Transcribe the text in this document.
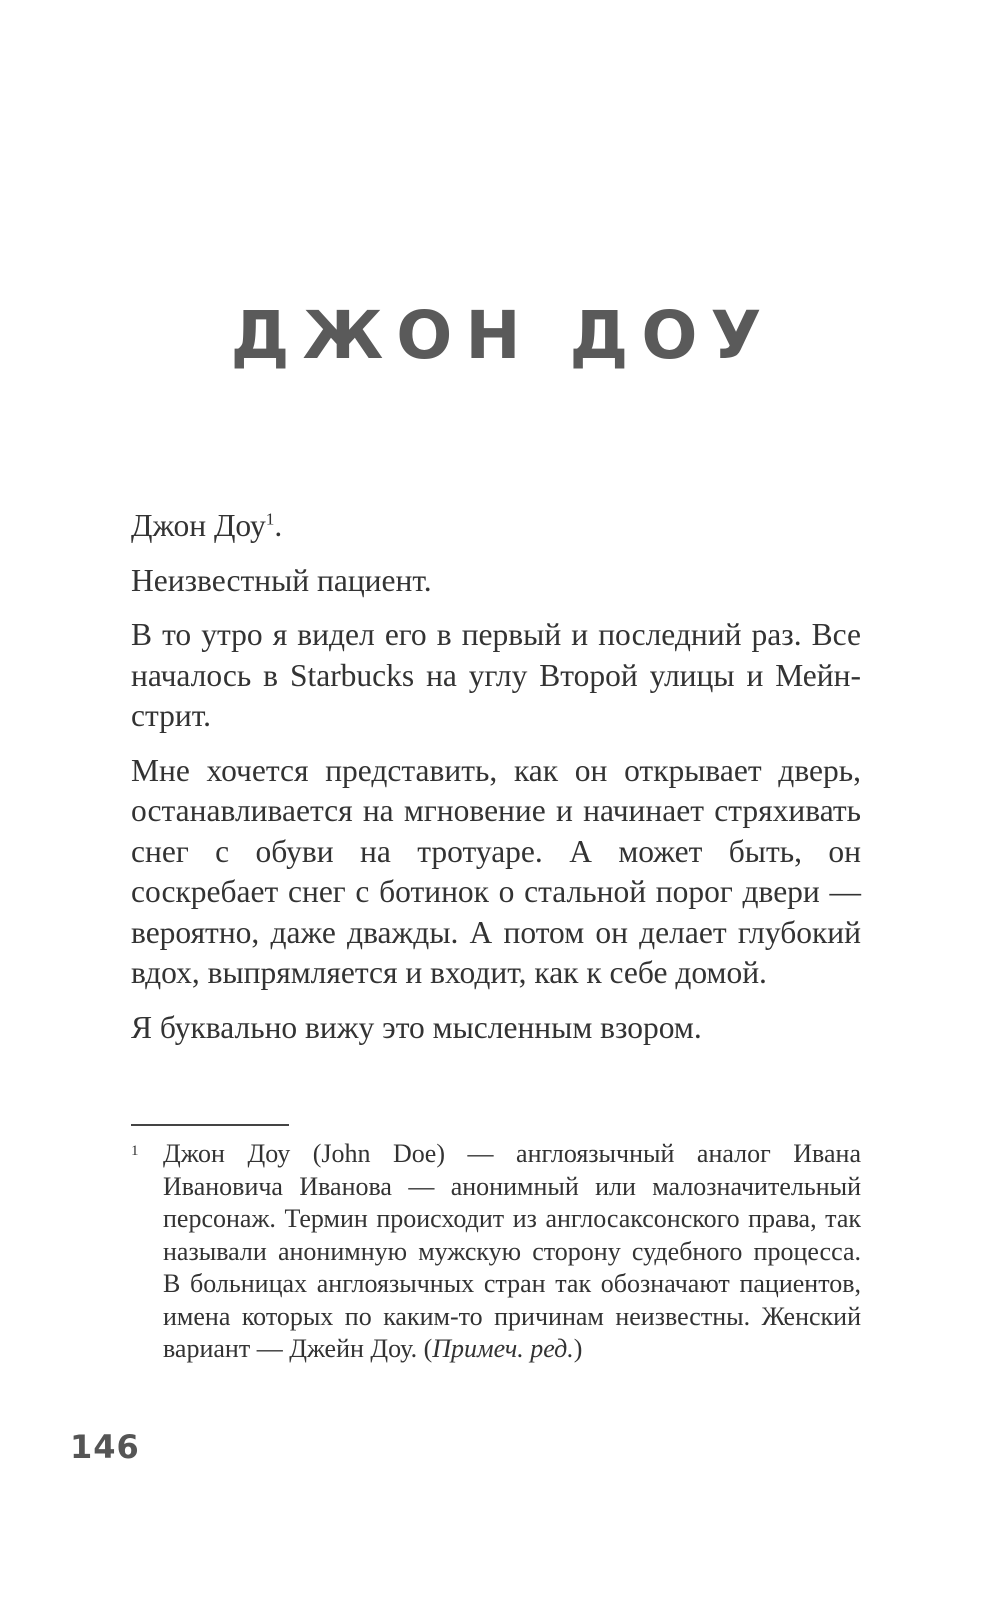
ДЖОН ДОУ

Джон Доу$^1$.

Неизвестный пациент.

В то утро я видел его в первый и последний раз. Все началось в Starbucks на углу Второй улицы и Мейн-стрит.

Мне хочется представить, как он открывает дверь, останавливается на мгновение и начинает стряхивать снег с обуви на тротуаре. А может быть, он соскребает снег с ботинок о стальной порог двери — вероятно, даже дважды. А потом он делает глубокий вдох, выпрямляется и входит, как к себе домой.

Я буквально вижу это мысленным взором.

1 Джон Доу (John Doe) — англоязычный аналог Ивана Ивановича Иванова — анонимный или малозначительный персонаж. Термин происходит из англосаксонского права, так называли анонимную мужскую сторону судебного процесса. В больницах англоязычных стран так обозначают пациентов, имена которых по каким-то причинам неизвестны. Женский вариант — Джейн Доу. (Примеч. ред.)
146
